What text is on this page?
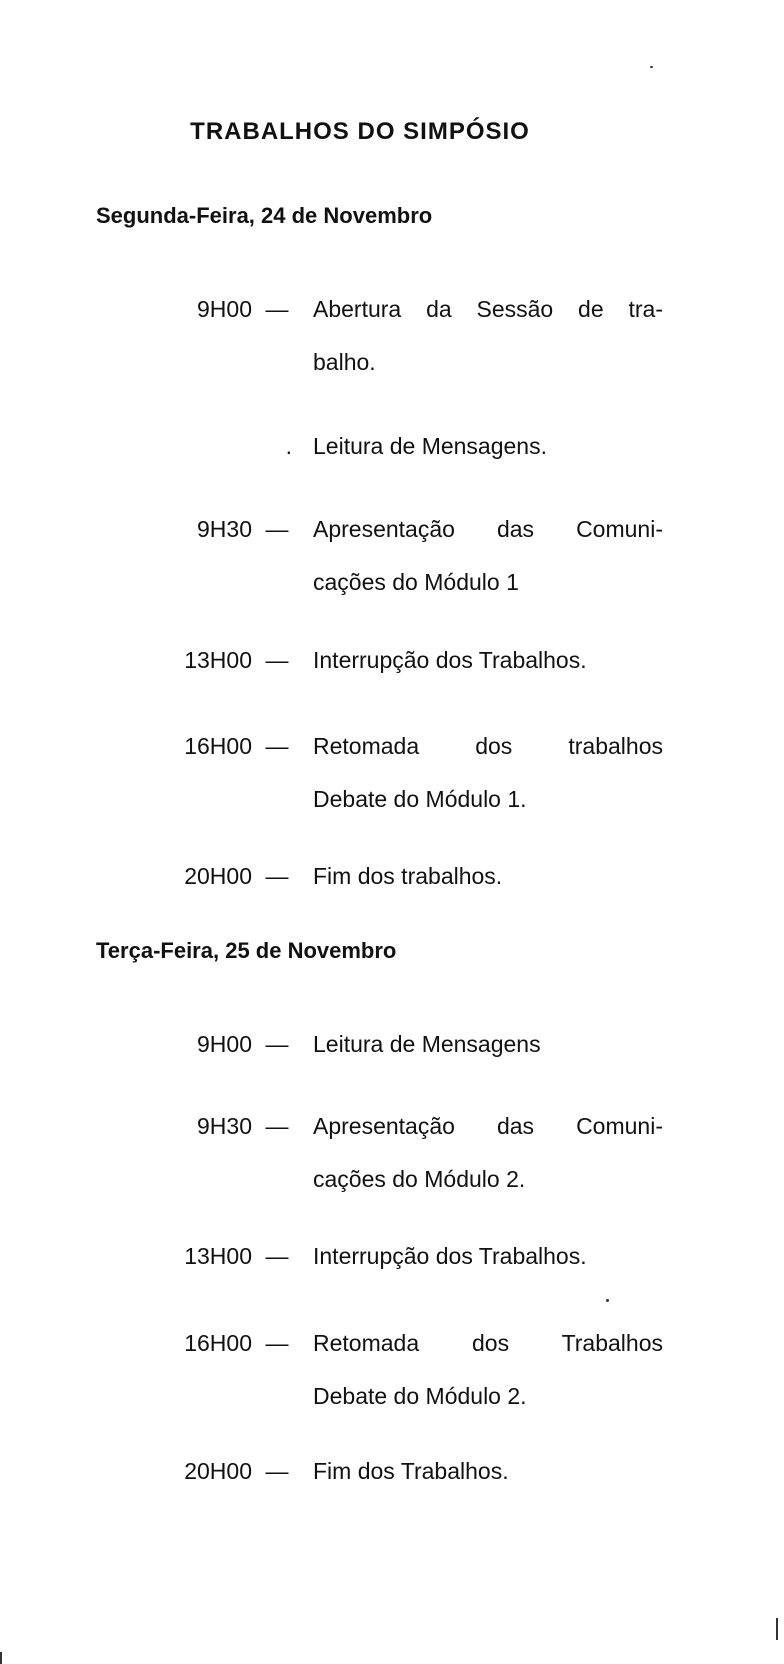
TRABALHOS DO SIMPÓSIO
Segunda-Feira, 24 de Novembro
9H00 — Abertura da Sessão de tra-
balho.
. Leitura de Mensagens.
9H30 — Apresentação das Comuni-
cações do Módulo 1
13H00 — Interrupção dos Trabalhos.
16H00 — Retomada dos trabalhos
Debate do Módulo 1.
20H00 — Fim dos trabalhos.
Terça-Feira, 25 de Novembro
9H00 — Leitura de Mensagens
9H30 — Apresentação das Comuni-
cações do Módulo 2.
13H00 — Interrupção dos Trabalhos.
16H00 — Retomada dos Trabalhos
Debate do Módulo 2.
20H00 — Fim dos Trabalhos.
